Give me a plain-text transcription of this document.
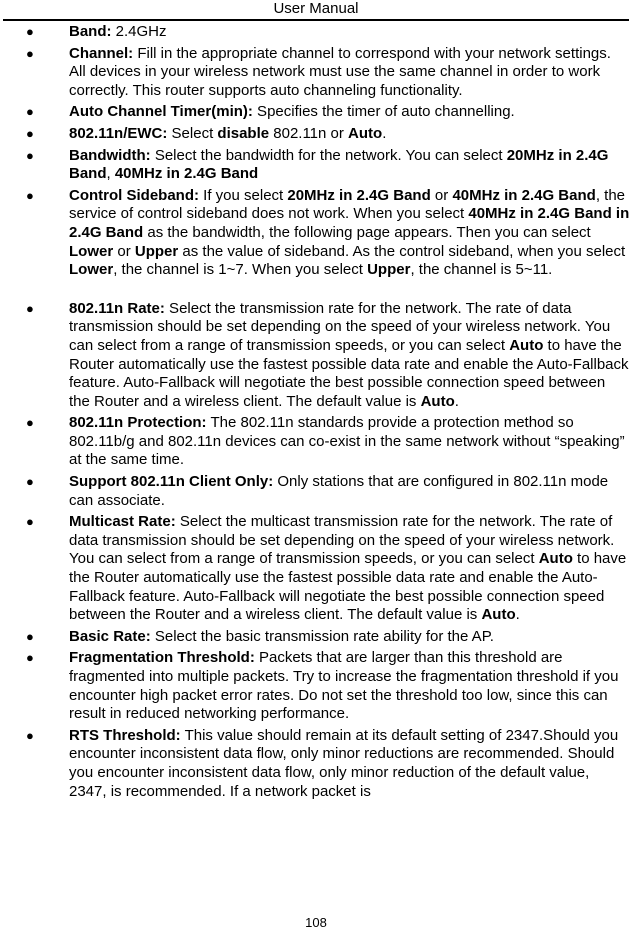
User Manual
● Band: 2.4GHz
● Channel: Fill in the appropriate channel to correspond with your network settings. All devices in your wireless network must use the same channel in order to work correctly. This router supports auto channeling functionality.
● Auto Channel Timer(min): Specifies the timer of auto channelling.
● 802.11n/EWC: Select disable 802.11n or Auto.
● Bandwidth: Select the bandwidth for the network. You can select 20MHz in 2.4G Band, 40MHz in 2.4G Band
● Control Sideband: If you select 20MHz in 2.4G Band or 40MHz in 2.4G Band, the service of control sideband does not work. When you select 40MHz in 2.4G Band in 2.4G Band as the bandwidth, the following page appears. Then you can select Lower or Upper as the value of sideband. As the control sideband, when you select Lower, the channel is 1~7. When you select Upper, the channel is 5~11.
● 802.11n Rate: Select the transmission rate for the network. The rate of data transmission should be set depending on the speed of your wireless network. You can select from a range of transmission speeds, or you can select Auto to have the Router automatically use the fastest possible data rate and enable the Auto-Fallback feature. Auto-Fallback will negotiate the best possible connection speed between the Router and a wireless client. The default value is Auto.
● 802.11n Protection: The 802.11n standards provide a protection method so 802.11b/g and 802.11n devices can co-exist in the same network without “speaking” at the same time.
● Support 802.11n Client Only: Only stations that are configured in 802.11n mode can associate.
● Multicast Rate: Select the multicast transmission rate for the network. The rate of data transmission should be set depending on the speed of your wireless network. You can select from a range of transmission speeds, or you can select Auto to have the Router automatically use the fastest possible data rate and enable the Auto-Fallback feature. Auto-Fallback will negotiate the best possible connection speed between the Router and a wireless client. The default value is Auto.
● Basic Rate: Select the basic transmission rate ability for the AP.
● Fragmentation Threshold: Packets that are larger than this threshold are fragmented into multiple packets. Try to increase the fragmentation threshold if you encounter high packet error rates. Do not set the threshold too low, since this can result in reduced networking performance.
● RTS Threshold: This value should remain at its default setting of 2347.Should you encounter inconsistent data flow, only minor reductions are recommended. Should you encounter inconsistent data flow, only minor reduction of the default value, 2347, is recommended. If a network packet is
108
